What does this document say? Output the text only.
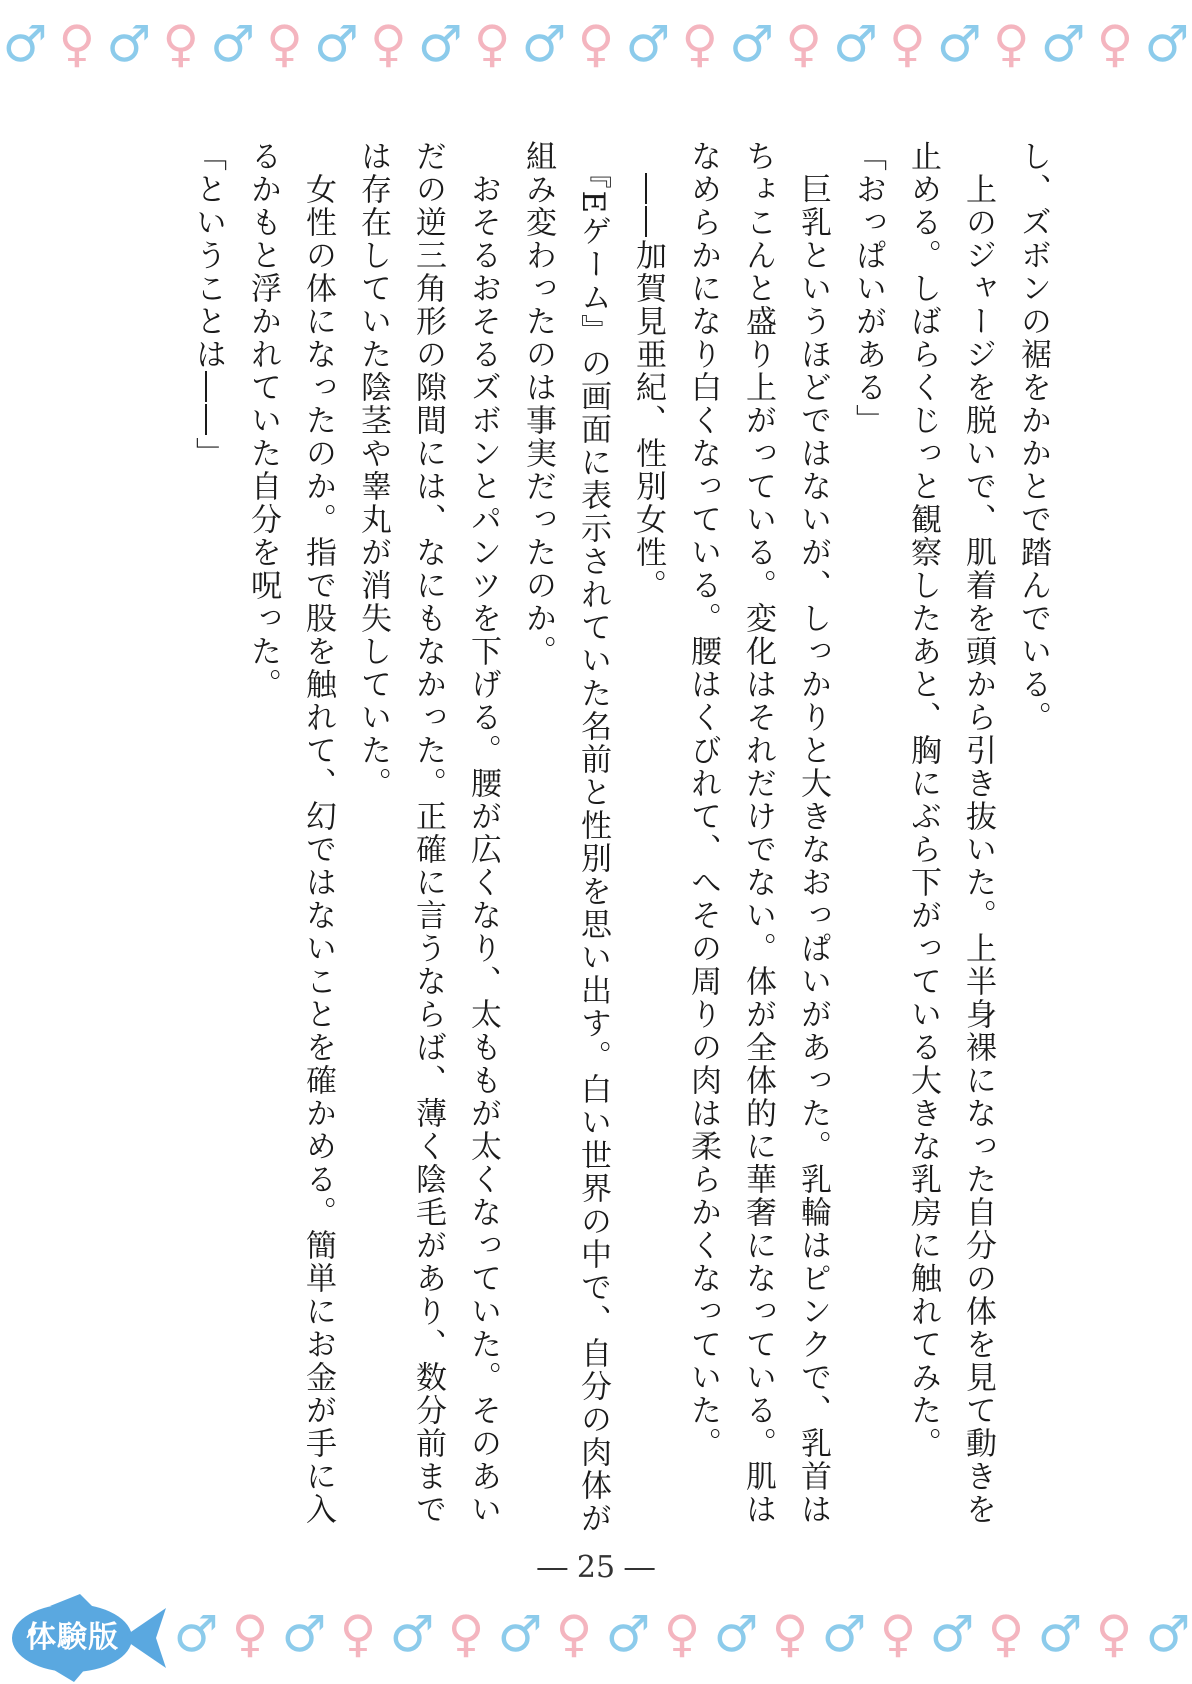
♂ ♀ ♂ ♀ ♂ ♀ ♂ ♀ ♂ ♀ ♂ ♀ ♂ ♀ ♂ ♀ ♂ ♀ ♂ ♀ ♂ ♀ ♂

し、ズボンの裾をかかとで踏んでいる。

　上のジャージを脱いで、肌着を頭から引き抜いた。上半身裸になった自分の体を見て動きを止める。しばらくじっと観察したあと、胸にぶら下がっている大きな乳房に触れてみた。

「おっぱいがある」

　巨乳というほどではないが、しっかりと大きなおっぱいがあった。乳輪はピンクで、乳首はちょこんと盛り上がっている。変化はそれだけでない。体が全体的に華奢になっている。肌はなめらかになり白くなっている。腰はくびれて、へその周りの肉は柔らかくなっていた。

　――加賀見亜紀、性別女性。

　『Eゲーム』の画面に表示されていた名前と性別を思い出す。白い世界の中で、自分の肉体が組み変わったのは事実だったのか。

　おそるおそるズボンとパンツを下げる。腰が広くなり、太ももが太くなっていた。そのあいだの逆三角形の隙間には、なにもなかった。正確に言うならば、薄く陰毛があり、数分前までは存在していた陰茎や睾丸が消失していた。

　女性の体になったのか。指で股を触れて、幻ではないことを確かめる。簡単にお金が手に入るかもと浮かれていた自分を呪った。

「ということは――」

― 25 ―
体験版 ♂ ♀ ♂ ♀ ♂ ♀ ♂ ♀ ♂ ♀ ♂ ♀ ♂ ♀ ♂ ♀ ♂ ♀ ♂
